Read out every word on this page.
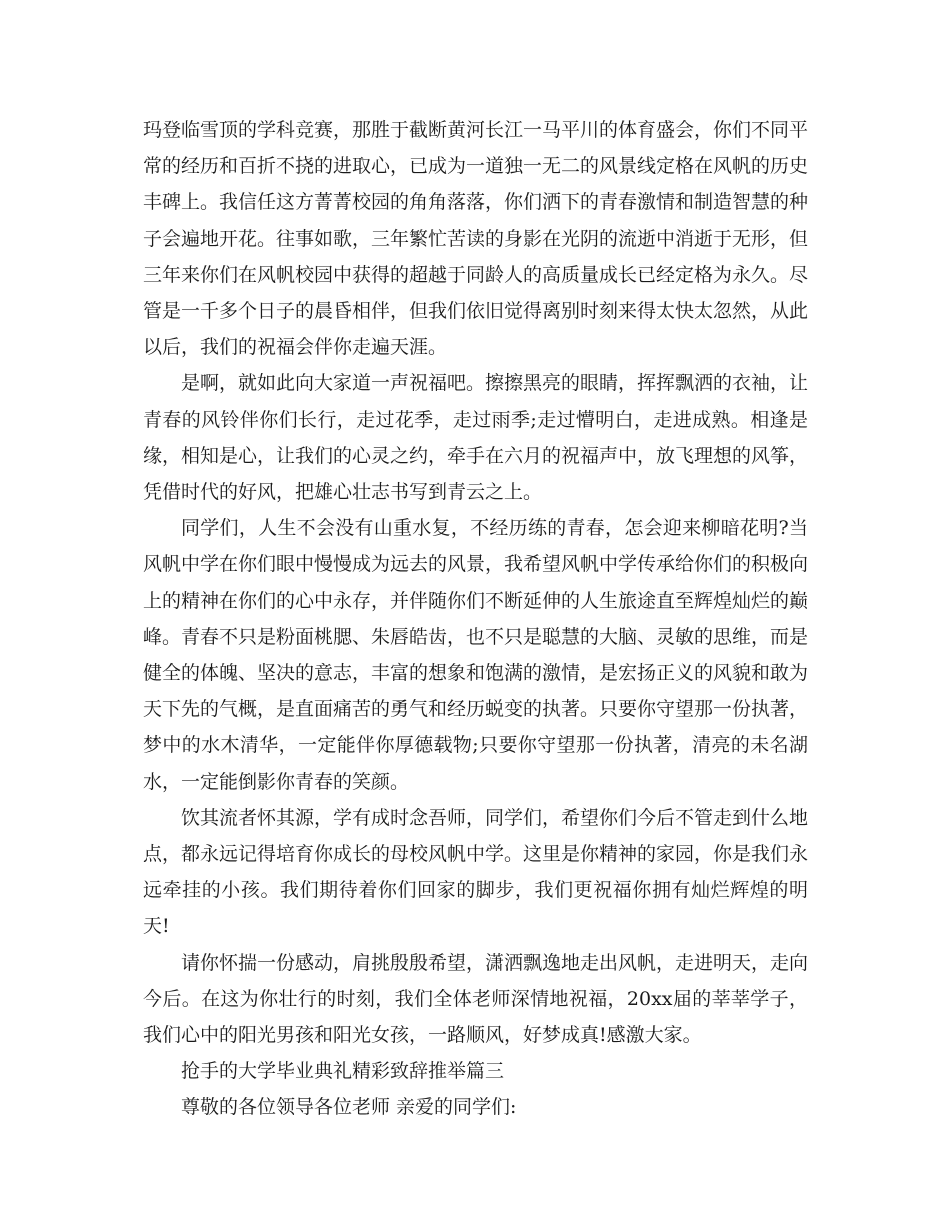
玛登临雪顶的学科竞赛，那胜于截断黄河长江一马平川的体育盛会，你们不同平常的经历和百折不挠的进取心，已成为一道独一无二的风景线定格在风帆的历史丰碑上。我信任这方菁菁校园的角角落落，你们洒下的青春激情和制造智慧的种子会遍地开花。往事如歌，三年繁忙苦读的身影在光阴的流逝中消逝于无形，但三年来你们在风帆校园中获得的超越于同龄人的高质量成长已经定格为永久。尽管是一千多个日子的晨昏相伴，但我们依旧觉得离别时刻来得太快太忽然，从此以后，我们的祝福会伴你走遍天涯。

是啊，就如此向大家道一声祝福吧。擦擦黑亮的眼睛，挥挥飘洒的衣袖，让青春的风铃伴你们长行，走过花季，走过雨季;走过懵明白，走进成熟。相逢是缘，相知是心，让我们的心灵之约，牵手在六月的祝福声中，放飞理想的风筝，凭借时代的好风，把雄心壮志书写到青云之上。

同学们，人生不会没有山重水复，不经历练的青春，怎会迎来柳暗花明?当风帆中学在你们眼中慢慢成为远去的风景，我希望风帆中学传承给你们的积极向上的精神在你们的心中永存，并伴随你们不断延伸的人生旅途直至辉煌灿烂的巅峰。青春不只是粉面桃腮、朱唇皓齿，也不只是聪慧的大脑、灵敏的思维，而是健全的体魄、坚决的意志，丰富的想象和饱满的激情，是宏扬正义的风貌和敢为天下先的气概，是直面痛苦的勇气和经历蜕变的执著。只要你守望那一份执著，梦中的水木清华，一定能伴你厚德载物;只要你守望那一份执著，清亮的未名湖水，一定能倒影你青春的笑颜。

饮其流者怀其源，学有成时念吾师，同学们，希望你们今后不管走到什么地点，都永远记得培育你成长的母校风帆中学。这里是你精神的家园，你是我们永远牵挂的小孩。我们期待着你们回家的脚步，我们更祝福你拥有灿烂辉煌的明天!

请你怀揣一份感动，肩挑殷殷希望，潇洒飘逸地走出风帆，走进明天，走向今后。在这为你壮行的时刻，我们全体老师深情地祝福，20xx届的莘莘学子，我们心中的阳光男孩和阳光女孩，一路顺风，好梦成真!感激大家。

抢手的大学毕业典礼精彩致辞推举篇三

尊敬的各位领导各位老师 亲爱的同学们:
